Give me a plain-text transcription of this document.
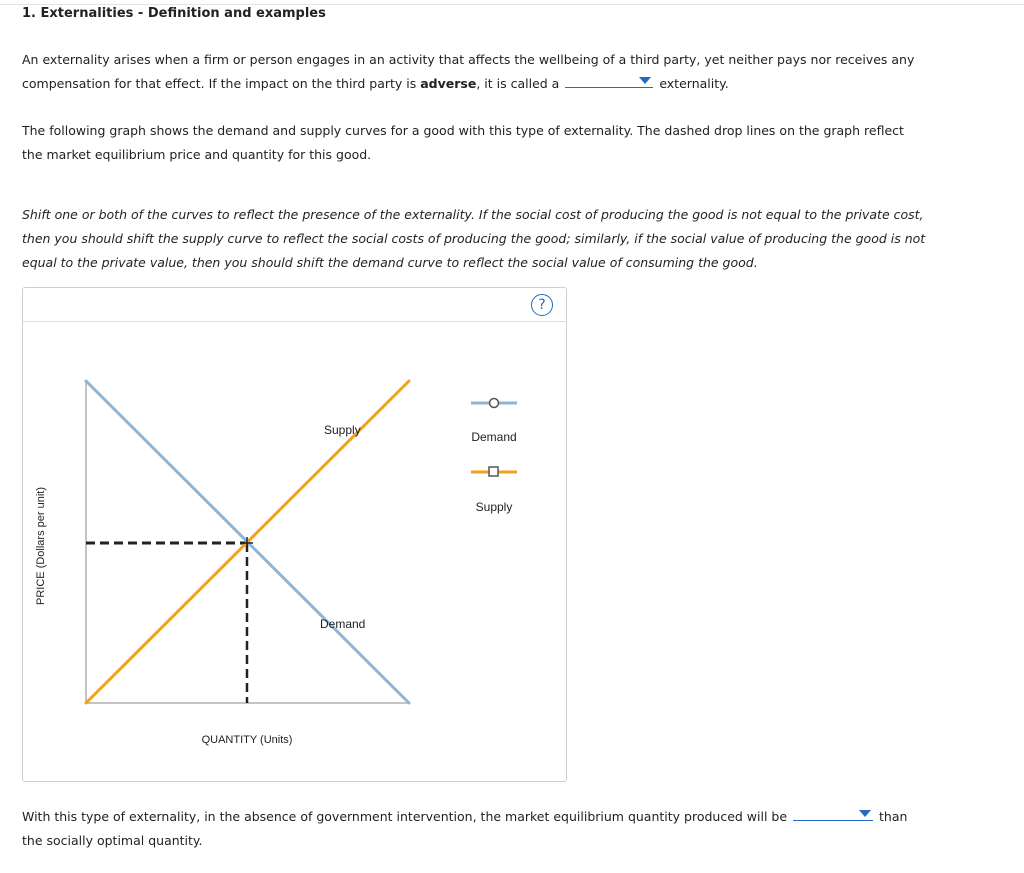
1. Externalities - Definition and examples
An externality arises when a firm or person engages in an activity that affects the wellbeing of a third party, yet neither pays nor receives any compensation for that effect. If the impact on the third party is adverse, it is called a	externality.
The following graph shows the demand and supply curves for a good with this type of externality. The dashed drop lines on the graph reflect the market equilibrium price and quantity for this good.
Shift one or both of the curves to reflect the presence of the externality. If the social cost of producing the good is not equal to the private cost, then you should shift the supply curve to reflect the social costs of producing the good; similarly, if the social value of producing the good is not equal to the private value, then you should shift the demand curve to reflect the social value of consuming the good.
?
PRICE (Dollars per unit)
QUANTITY (Units)
Supply
Demand
Demand
Supply
With this type of externality, in the absence of government intervention, the market equilibrium quantity produced will be	than the socially optimal quantity.
